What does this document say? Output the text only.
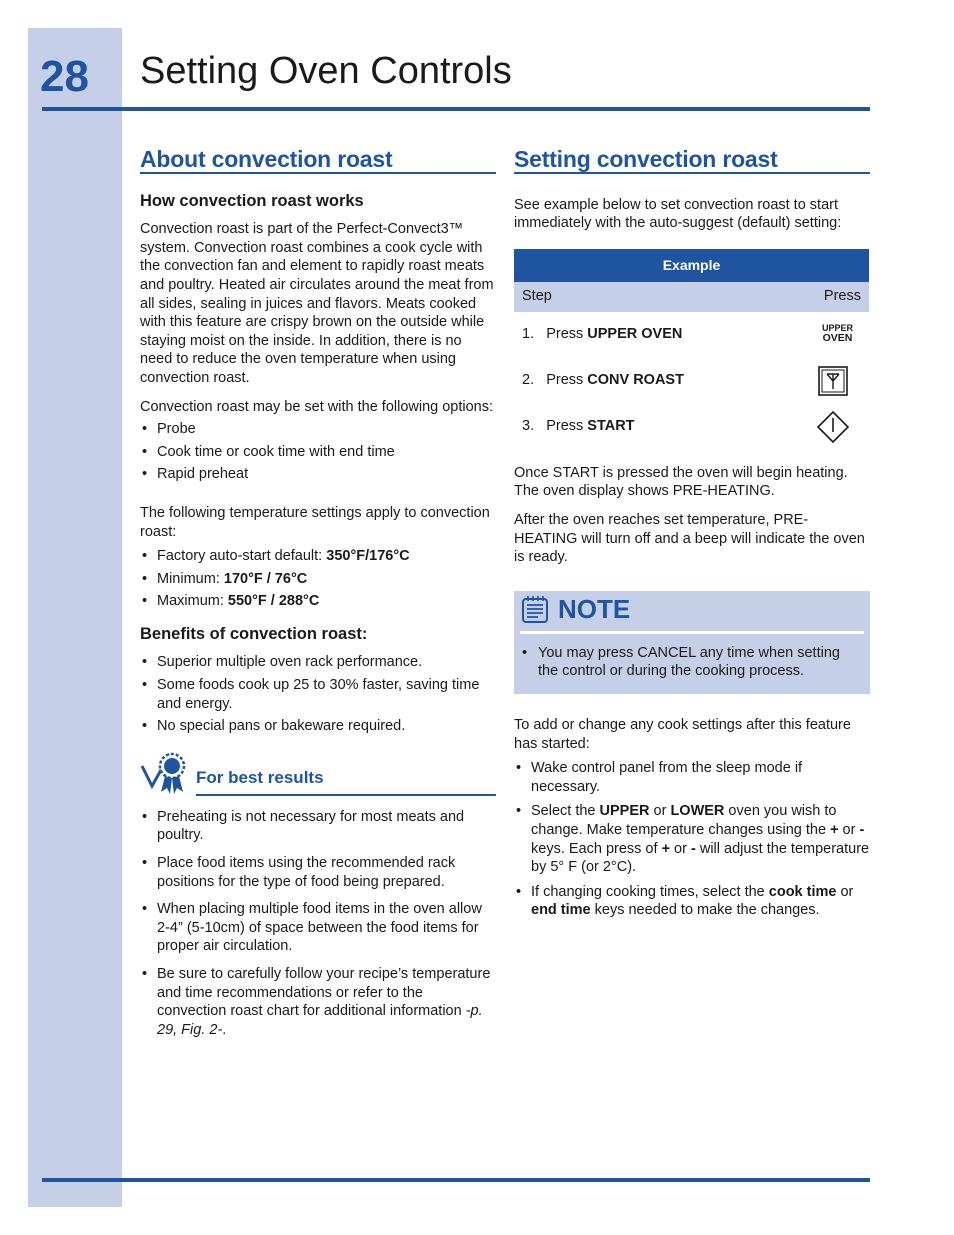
28 Setting Oven Controls
About convection roast
How convection roast works

Convection roast is part of the Perfect-Convect3™ system. Convection roast combines a cook cycle with the convection fan and element to rapidly roast meats and poultry. Heated air circulates around the meat from all sides, sealing in juices and flavors. Meats cooked with this feature are crispy brown on the outside while staying moist on the inside. In addition, there is no need to reduce the oven temperature when using convection roast.

Convection roast may be set with the following options:

• Probe
• Cook time or cook time with end time
• Rapid preheat

The following temperature settings apply to convection roast:

• Factory auto-start default: 350°F/176°C
• Minimum: 170°F / 76°C
• Maximum: 550°F / 288°C
Benefits of convection roast:
• Superior multiple oven rack performance.
• Some foods cook up 25 to 30% faster, saving time and energy.
• No special pans or bakeware required.
For best results
• Preheating is not necessary for most meats and poultry.
• Place food items using the recommended rack positions for the type of food being prepared.
• When placing multiple food items in the oven allow 2-4” (5-10cm) of space between the food items for proper air circulation.
• Be sure to carefully follow your recipe’s temperature and time recommendations or refer to the convection roast chart for additional information -p. 29, Fig. 2-.
Setting convection roast

See example below to set convection roast to start immediately with the auto-suggest (default) setting:

Example	
Step	Press
1. Press UPPER OVEN	UPPER
OVEN
2. Press CONV ROAST	
3. Press START	

Once START is pressed the oven will begin heating. The oven display shows PRE-HEATING.

After the oven reaches set temperature, PRE-HEATING will turn off and a beep will indicate the oven is ready.

NOTE
• You may press CANCEL any time when setting the control or during the cooking process.

To add or change any cook settings after this feature has started:

• Wake control panel from the sleep mode if necessary.
• Select the UPPER or LOWER oven you wish to change. Make temperature changes using the + or - keys. Each press of + or - will adjust the temperature by 5° F (or 2°C).
• If changing cooking times, select the cook time or end time keys needed to make the changes.
